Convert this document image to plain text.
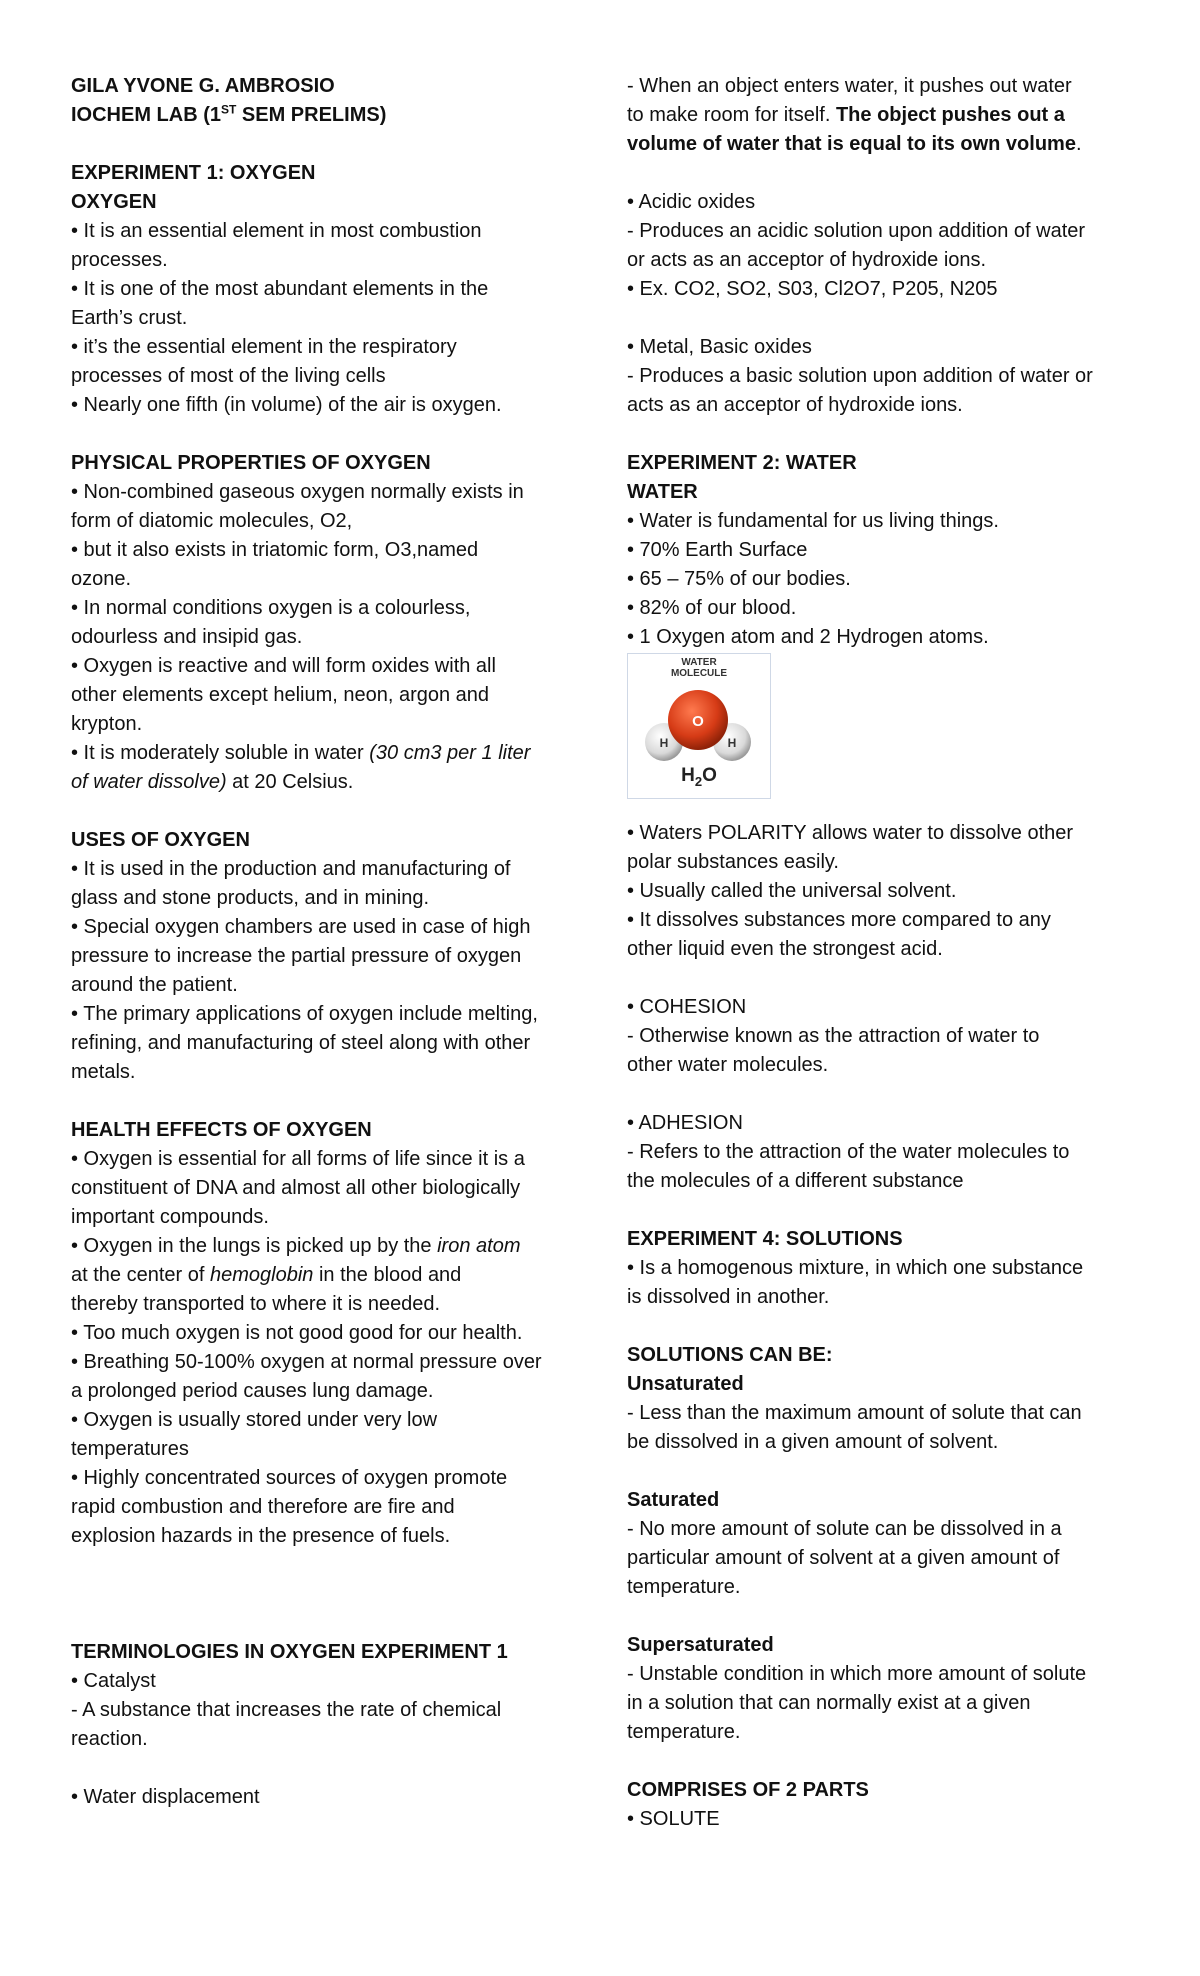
GILA YVONE G. AMBROSIO
IOCHEM LAB (1ST SEM PRELIMS)
EXPERIMENT 1: OXYGEN
OXYGEN
• It is an essential element in most combustion
processes.
• It is one of the most abundant elements in the
Earth’s crust.
• it’s the essential element in the respiratory
processes of most of the living cells
• Nearly one fifth (in volume) of the air is oxygen.
PHYSICAL PROPERTIES OF OXYGEN
• Non-combined gaseous oxygen normally exists in
form of diatomic molecules, O2,
• but it also exists in triatomic form, O3,named
ozone.
• In normal conditions oxygen is a colourless,
odourless and insipid gas.
• Oxygen is reactive and will form oxides with all
other elements except helium, neon, argon and
krypton.
• It is moderately soluble in water (30 cm3 per 1 liter
of water dissolve) at 20 Celsius.
USES OF OXYGEN
• It is used in the production and manufacturing of
glass and stone products, and in mining.
• Special oxygen chambers are used in case of high
pressure to increase the partial pressure of oxygen
around the patient.
• The primary applications of oxygen include melting,
refining, and manufacturing of steel along with other
metals.
HEALTH EFFECTS OF OXYGEN
• Oxygen is essential for all forms of life since it is a
constituent of DNA and almost all other biologically
important compounds.
• Oxygen in the lungs is picked up by the iron atom
at the center of hemoglobin in the blood and
thereby transported to where it is needed.
• Too much oxygen is not good good for our health.
• Breathing 50-100% oxygen at normal pressure over
a prolonged period causes lung damage.
• Oxygen is usually stored under very low
temperatures
• Highly concentrated sources of oxygen promote
rapid combustion and therefore are fire and
explosion hazards in the presence of fuels.
TERMINOLOGIES IN OXYGEN EXPERIMENT 1
• Catalyst
- A substance that increases the rate of chemical
reaction.
• Water displacement
- When an object enters water, it pushes out water
to make room for itself. The object pushes out a
volume of water that is equal to its own volume.
• Acidic oxides
- Produces an acidic solution upon addition of water
or acts as an acceptor of hydroxide ions.
• Ex. CO2, SO2, S03, Cl2O7, P205, N205
• Metal, Basic oxides
- Produces a basic solution upon addition of water or
acts as an acceptor of hydroxide ions.
EXPERIMENT 2: WATER
WATER
• Water is fundamental for us living things.
• 70% Earth Surface
• 65 – 75% of our bodies.
• 82% of our blood.
• 1 Oxygen atom and 2 Hydrogen atoms.
WATER
MOLECULE
O
H	H
$H_2O$
• Waters POLARITY allows water to dissolve other
polar substances easily.
• Usually called the universal solvent.
• It dissolves substances more compared to any
other liquid even the strongest acid.
• COHESION
- Otherwise known as the attraction of water to
other water molecules.
• ADHESION
- Refers to the attraction of the water molecules to
the molecules of a different substance
EXPERIMENT 4: SOLUTIONS
• Is a homogenous mixture, in which one substance
is dissolved in another.
SOLUTIONS CAN BE:
Unsaturated
- Less than the maximum amount of solute that can
be dissolved in a given amount of solvent.
Saturated
- No more amount of solute can be dissolved in a
particular amount of solvent at a given amount of
temperature.
Supersaturated
- Unstable condition in which more amount of solute
in a solution that can normally exist at a given
temperature.
COMPRISES OF 2 PARTS
• SOLUTE
